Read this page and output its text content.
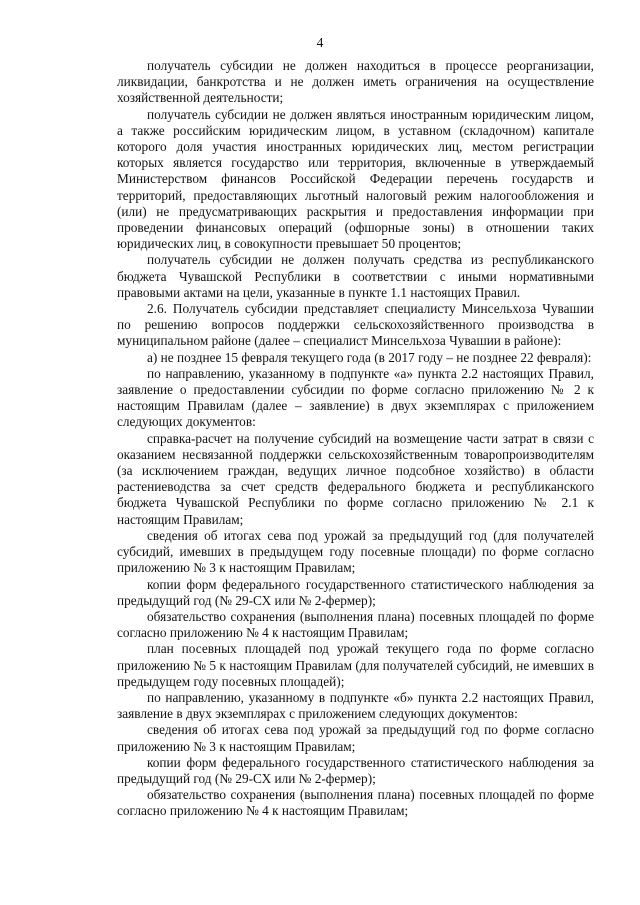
4

получатель субсидии не должен находиться в процессе реорганизации, ликвидации, банкротства и не должен иметь ограничения на осуществление хозяйственной деятельности;

получатель субсидии не должен являться иностранным юридическим лицом, а также российским юридическим лицом, в уставном (складочном) капитале которого доля участия иностранных юридических лиц, местом регистрации которых является государство или территория, включенные в утверждаемый Министерством финансов Российской Федерации перечень государств и территорий, предоставляющих льготный налоговый режим налогообложения и (или) не предусматривающих раскрытия и предоставления информации при проведении финансовых операций (офшорные зоны) в отношении таких юридических лиц, в совокупности превышает 50 процентов;

получатель субсидии не должен получать средства из республиканского бюджета Чувашской Республики в соответствии с иными нормативными правовыми актами на цели, указанные в пункте 1.1 настоящих Правил.

2.6. Получатель субсидии представляет специалисту Минсельхоза Чувашии по решению вопросов поддержки сельскохозяйственного производства в муниципальном районе (далее – специалист Минсельхоза Чувашии в районе):

а) не позднее 15 февраля текущего года (в 2017 году – не позднее 22 февраля):

по направлению, указанному в подпункте «а» пункта 2.2 настоящих Правил, заявление о предоставлении субсидии по форме согласно приложению № 2 к настоящим Правилам (далее – заявление) в двух экземплярах с приложением следующих документов:

справка-расчет на получение субсидий на возмещение части затрат в связи с оказанием несвязанной поддержки сельскохозяйственным товаропроизводителям (за исключением граждан, ведущих личное подсобное хозяйство) в области растениеводства за счет средств федерального бюджета и республиканского бюджета Чувашской Республики по форме согласно приложению № 2.1 к настоящим Правилам;

сведения об итогах сева под урожай за предыдущий год (для получателей субсидий, имевших в предыдущем году посевные площади) по форме согласно приложению № 3 к настоящим Правилам;

копии форм федерального государственного статистического наблюдения за предыдущий год (№ 29-СХ или № 2-фермер);

обязательство сохранения (выполнения плана) посевных площадей по форме согласно приложению № 4 к настоящим Правилам;

план посевных площадей под урожай текущего года по форме согласно приложению № 5 к настоящим Правилам (для получателей субсидий, не имевших в предыдущем году посевных площадей);

по направлению, указанному в подпункте «б» пункта 2.2 настоящих Правил, заявление в двух экземплярах с приложением следующих документов:

сведения об итогах сева под урожай за предыдущий год по форме согласно приложению № 3 к настоящим Правилам;

копии форм федерального государственного статистического наблюдения за предыдущий год (№ 29-СХ или № 2-фермер);

обязательство сохранения (выполнения плана) посевных площадей по форме согласно приложению № 4 к настоящим Правилам;
